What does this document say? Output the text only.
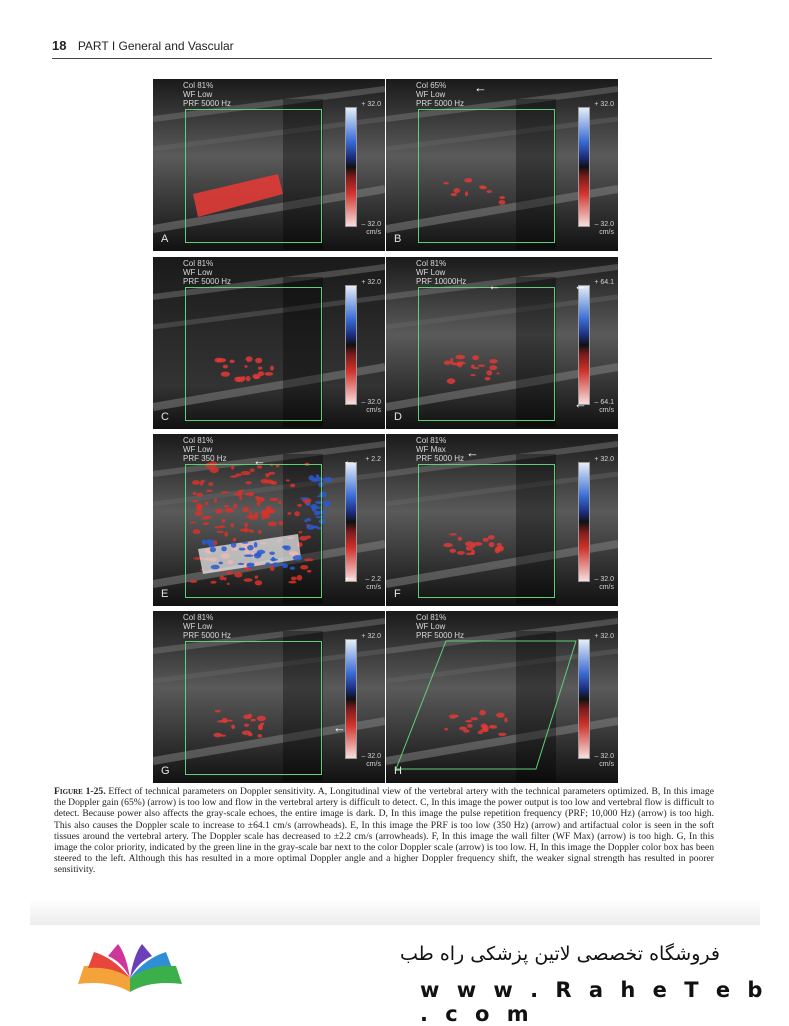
18 PART I General and Vascular
Col 81%
WF Low
PRF 5000 Hz	+ 32.0
– 32.0
cm/s
A
Col 65%
WF Low
PRF 5000 Hz	+ 32.0
– 32.0
cm/s
←
B
Col 81%
WF Low
PRF 5000 Hz	+ 32.0
– 32.0
cm/s
C
Col 81%
WF Low
PRF 10000Hz	+ 64.1
– 64.1
cm/s
←	←
←
D
Col 81%
WF Low
PRF 350 Hz	+ 2.2
– 2.2
cm/s
←	←
←
E
Col 81%
WF Max
PRF 5000 Hz	+ 32.0
– 32.0
cm/s
←
F
Col 81%
WF Low
PRF 5000 Hz	+ 32.0
– 32.0
cm/s
←
G
Col 81%
WF Low
PRF 5000 Hz	+ 32.0
– 32.0
cm/s
H
Figure 1-25. Effect of technical parameters on Doppler sensitivity. A, Longitudinal view of the vertebral artery with the technical parameters optimized. B, In this image the Doppler gain (65%) (arrow) is too low and flow in the vertebral artery is difficult to detect. C, In this image the power output is too low and vertebral flow is difficult to detect. Because power also affects the gray-scale echoes, the entire image is dark. D, In this image the pulse repetition frequency (PRF; 10,000 Hz) (arrow) is too high. This also causes the Doppler scale to increase to ±64.1 cm/s (arrowheads). E, In this image the PRF is too low (350 Hz) (arrow) and artifactual color is seen in the soft tissues around the vertebral artery. The Doppler scale has decreased to ±2.2 cm/s (arrowheads). F, In this image the wall filter (WF Max) (arrow) is too high. G, In this image the color priority, indicated by the green line in the gray-scale bar next to the color Doppler scale (arrow) is too low. H, In this image the Doppler color box has been steered to the left. Although this has resulted in a more optimal Doppler angle and a higher Doppler frequency shift, the weaker signal strength has resulted in poorer sensitivity.
فروشگاه تخصصی لاتین پزشکی راه طب
w w w . R a h e T e b . c o m
